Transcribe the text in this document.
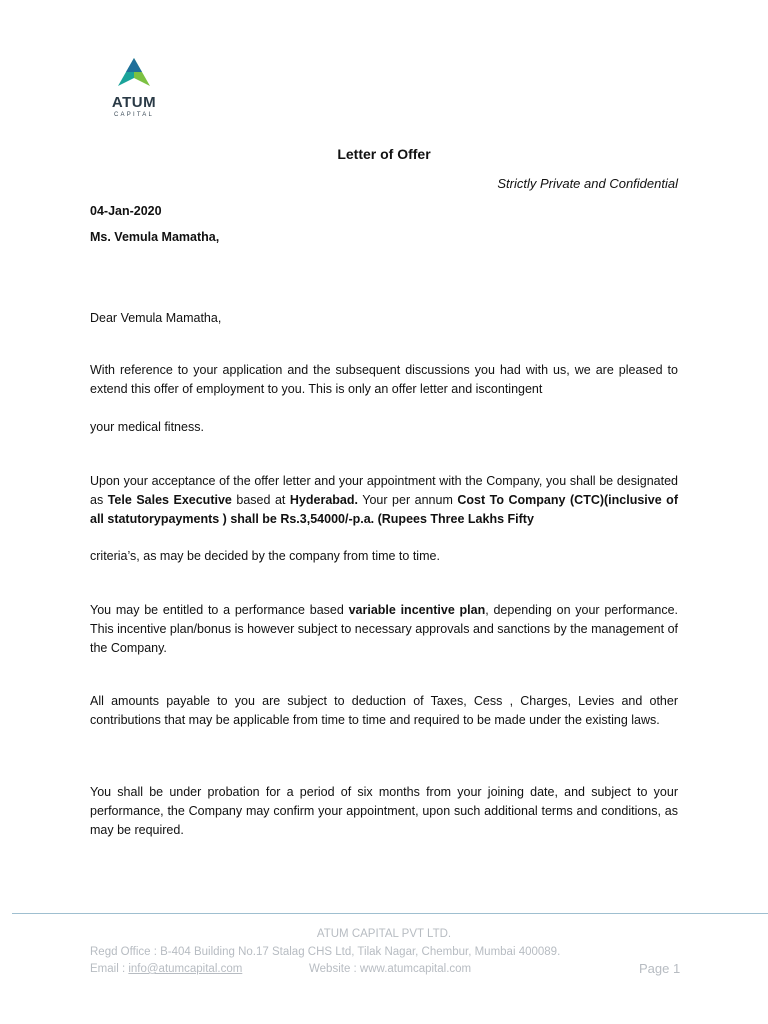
ATUM
CAPITAL
Letter of Offer
Strictly Private and Confidential
04-Jan-2020
Ms. Vemula Mamatha,
Dear Vemula Mamatha,
With reference to your application and the subsequent discussions you had with us, we are pleased to extend this offer of employment to you. This is only an offer letter and iscontingent
your medical fitness.
Upon your acceptance of the offer letter and your appointment with the Company, you shall be designated as Tele Sales Executive based at Hyderabad. Your per annum Cost To Company (CTC)(inclusive of all statutorypayments ) shall be Rs.3,54000/-p.a. (Rupees Three Lakhs Fifty
criteria’s, as may be decided by the company from time to time.
You may be entitled to a performance based variable incentive plan, depending on your performance. This incentive plan/bonus is however subject to necessary approvals and sanctions by the management of the Company.
All amounts payable to you are subject to deduction of Taxes, Cess , Charges, Levies and other contributions that may be applicable from time to time and required to be made under the existing laws.
You shall be under probation for a period of six months from your joining date, and subject to your performance, the Company may confirm your appointment, upon such additional terms and conditions, as may be required.
ATUM CAPITAL PVT LTD.
Regd Office : B-404 Building No.17 Stalag CHS Ltd, Tilak Nagar, Chembur, Mumbai 400089.
Email : info@atumcapital.com	Website : www.atumcapital.com	Page 1
